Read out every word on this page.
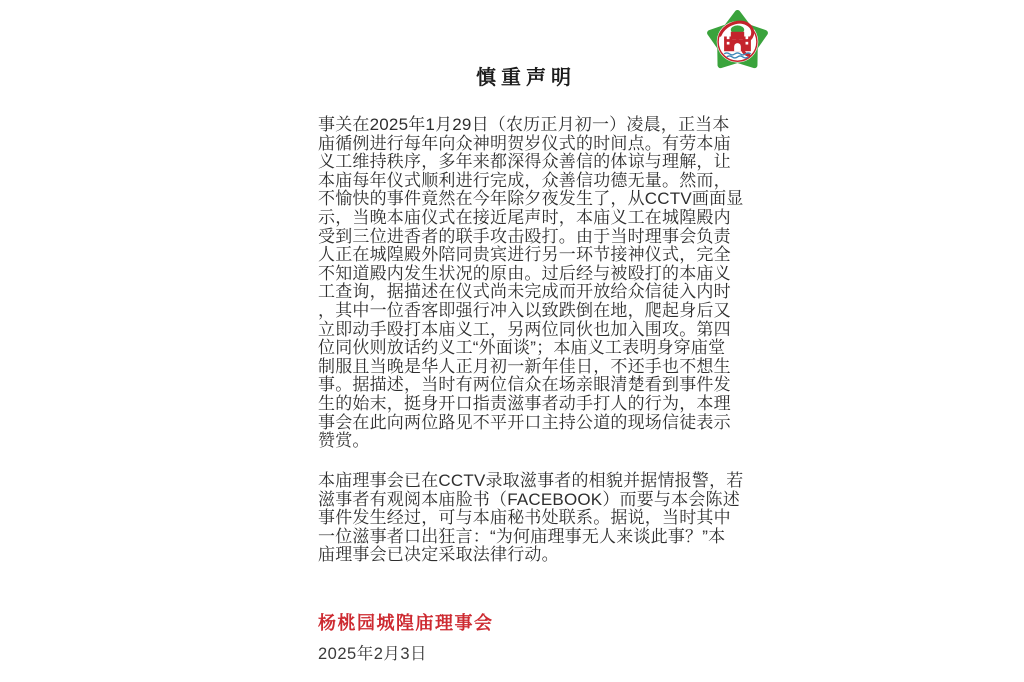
慎重声明
事关在2025年1月29日（农历正月初一）凌晨，正当本
庙循例进行每年向众神明贺岁仪式的时间点。有劳本庙
义工维持秩序，多年来都深得众善信的体谅与理解，让
本庙每年仪式顺利进行完成，众善信功德无量。然而，
不愉快的事件竟然在今年除夕夜发生了，从CCTV画面显
示，当晚本庙仪式在接近尾声时，本庙义工在城隍殿内
受到三位进香者的联手攻击殴打。由于当时理事会负责
人正在城隍殿外陪同贵宾进行另一环节接神仪式，完全
不知道殿内发生状况的原由。过后经与被殴打的本庙义
工查询，据描述在仪式尚未完成而开放给众信徒入内时
，其中一位香客即强行冲入以致跌倒在地，爬起身后又
立即动手殴打本庙义工，另两位同伙也加入围攻。第四
位同伙则放话约义工“外面谈”；本庙义工表明身穿庙堂
制服且当晚是华人正月初一新年佳日，不还手也不想生
事。据描述，当时有两位信众在场亲眼清楚看到事件发
生的始末，挺身开口指责滋事者动手打人的行为，本理
事会在此向两位路见不平开口主持公道的现场信徒表示
赞赏。
本庙理事会已在CCTV录取滋事者的相貌并据情报警，若
滋事者有观阅本庙脸书（FACEBOOK）而要与本会陈述
事件发生经过，可与本庙秘书处联系。据说，当时其中
一位滋事者口出狂言：“为何庙理事无人来谈此事？”本
庙理事会已决定采取法律行动。
杨桃园城隍庙理事会
2025年2月3日
